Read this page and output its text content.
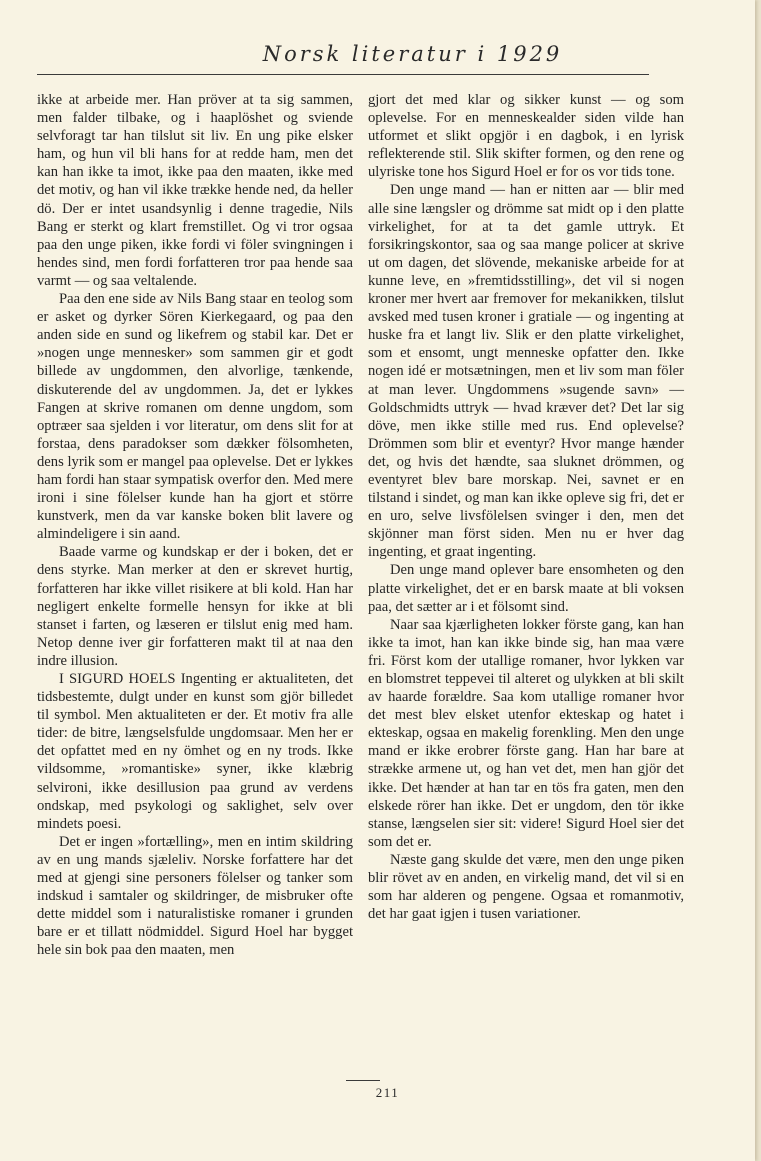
Norsk literatur i 1929

ikke at arbeide mer. Han pröver at ta sig sammen, men falder tilbake, og i haaplöshet og sviende selvforagt tar han tilslut sit liv. En ung pike elsker ham, og hun vil bli hans for at redde ham, men det kan han ikke ta imot, ikke paa den maaten, ikke med det motiv, og han vil ikke trække hende ned, da heller dö. Der er intet usandsynlig i denne tragedie, Nils Bang er sterkt og klart fremstillet. Og vi tror ogsaa paa den unge piken, ikke fordi vi föler svingningen i hendes sind, men fordi forfatteren tror paa hende saa varmt — og saa veltalende.

Paa den ene side av Nils Bang staar en teolog som er asket og dyrker Sören Kierkegaard, og paa den anden side en sund og likefrem og stabil kar. Det er »nogen unge mennesker» som sammen gir et godt billede av ungdommen, den alvorlige, tænkende, diskuterende del av ungdommen. Ja, det er lykkes Fangen at skrive romanen om denne ungdom, som optræer saa sjelden i vor literatur, om dens slit for at forstaa, dens paradokser som dækker fölsomheten, dens lyrik som er mangel paa oplevelse. Det er lykkes ham fordi han staar sympatisk overfor den. Med mere ironi i sine fölelser kunde han ha gjort et större kunstverk, men da var kanske boken blit lavere og almindeligere i sin aand.

Baade varme og kundskap er der i boken, det er dens styrke. Man merker at den er skrevet hurtig, forfatteren har ikke villet risikere at bli kold. Han har negligert enkelte formelle hensyn for ikke at bli stanset i farten, og læseren er tilslut enig med ham. Netop denne iver gir forfatteren makt til at naa den indre illusion.

I SIGURD HOELS Ingenting er aktualiteten, det tidsbestemte, dulgt under en kunst som gjör billedet til symbol. Men aktualiteten er der. Et motiv fra alle tider: de bitre, længselsfulde ungdomsaar. Men her er det opfattet med en ny ömhet og en ny trods. Ikke vildsomme, »romantiske» syner, ikke klæbrig selvironi, ikke desillusion paa grund av verdens ondskap, med psykologi og saklighet, selv over mindets poesi.

Det er ingen »fortælling», men en intim skildring av en ung mands sjæleliv. Norske forfattere har det med at gjengi sine personers fölelser og tanker som indskud i samtaler og skildringer, de misbruker ofte dette middel som i naturalistiske romaner i grunden bare er et tillatt nödmiddel. Sigurd Hoel har bygget hele sin bok paa den maaten, men

gjort det med klar og sikker kunst — og som oplevelse. For en menneskealder siden vilde han utformet et slikt opgjör i en dagbok, i en lyrisk reflekterende stil. Slik skifter formen, og den rene og ulyriske tone hos Sigurd Hoel er for os vor tids tone.

Den unge mand — han er nitten aar — blir med alle sine længsler og drömme sat midt op i den platte virkelighet, for at ta det gamle uttryk. Et forsikringskontor, saa og saa mange policer at skrive ut om dagen, det slövende, mekaniske arbeide for at kunne leve, en »fremtidsstilling», det vil si nogen kroner mer hvert aar fremover for mekanikken, tilslut avsked med tusen kroner i gratiale — og ingenting at huske fra et langt liv. Slik er den platte virkelighet, som et ensomt, ungt menneske opfatter den. Ikke nogen idé er motsætningen, men et liv som man föler at man lever. Ungdommens »sugende savn» — Goldschmidts uttryk — hvad kræver det? Det lar sig döve, men ikke stille med rus. End oplevelse? Drömmen som blir et eventyr? Hvor mange hænder det, og hvis det hændte, saa sluknet drömmen, og eventyret blev bare morskap. Nei, savnet er en tilstand i sindet, og man kan ikke opleve sig fri, det er en uro, selve livsfölelsen svinger i den, men det skjönner man först siden. Men nu er hver dag ingenting, et graat ingenting.

Den unge mand oplever bare ensomheten og den platte virkelighet, det er en barsk maate at bli voksen paa, det sætter ar i et fölsomt sind.

Naar saa kjærligheten lokker förste gang, kan han ikke ta imot, han kan ikke binde sig, han maa være fri. Först kom der utallige romaner, hvor lykken var en blomstret teppevei til alteret og ulykken at bli skilt av haarde forældre. Saa kom utallige romaner hvor det mest blev elsket utenfor ekteskap og hatet i ekteskap, ogsaa en makelig forenkling. Men den unge mand er ikke erobrer förste gang. Han har bare at strække armene ut, og han vet det, men han gjör det ikke. Det hænder at han tar en tös fra gaten, men den elskede rörer han ikke. Det er ungdom, den tör ikke stanse, længselen sier sit: videre! Sigurd Hoel sier det som det er.

Næste gang skulde det være, men den unge piken blir rövet av en anden, en virkelig mand, det vil si en som har alderen og pengene. Ogsaa et romanmotiv, det har gaat igjen i tusen variationer.

211
